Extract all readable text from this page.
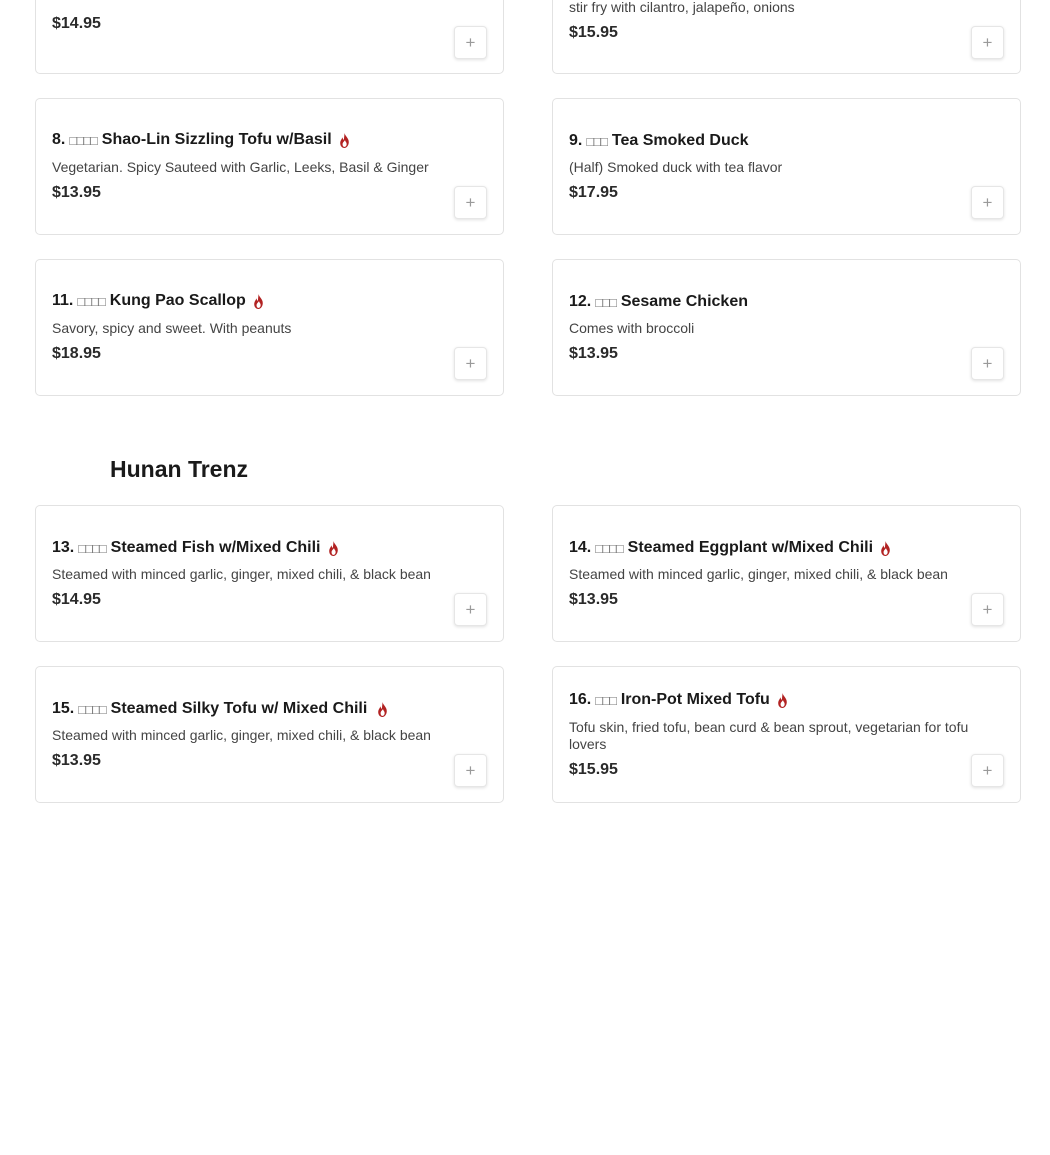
$14.95
+
stir fry with cilantro, jalapeño, onions
$15.95
+
8. □□□□ Shao-Lin Sizzling Tofu w/Basil
Vegetarian. Spicy Sauteed with Garlic, Leeks, Basil & Ginger
$13.95
+
9. □□□ Tea Smoked Duck
(Half) Smoked duck with tea flavor
$17.95
+
11. □□□□ Kung Pao Scallop
Savory, spicy and sweet. With peanuts
$18.95
+
12. □□□ Sesame Chicken
Comes with broccoli
$13.95
+
Hunan Trenz
13. □□□□ Steamed Fish w/Mixed Chili
Steamed with minced garlic, ginger, mixed chili, & black bean
$14.95
+
14. □□□□ Steamed Eggplant w/Mixed Chili
Steamed with minced garlic, ginger, mixed chili, & black bean
$13.95
+
15. □□□□ Steamed Silky Tofu w/ Mixed Chili
Steamed with minced garlic, ginger, mixed chili, & black bean
$13.95
+
16. □□□ Iron-Pot Mixed Tofu
Tofu skin, fried tofu, bean curd & bean sprout, vegetarian for tofu lovers
$15.95	+
